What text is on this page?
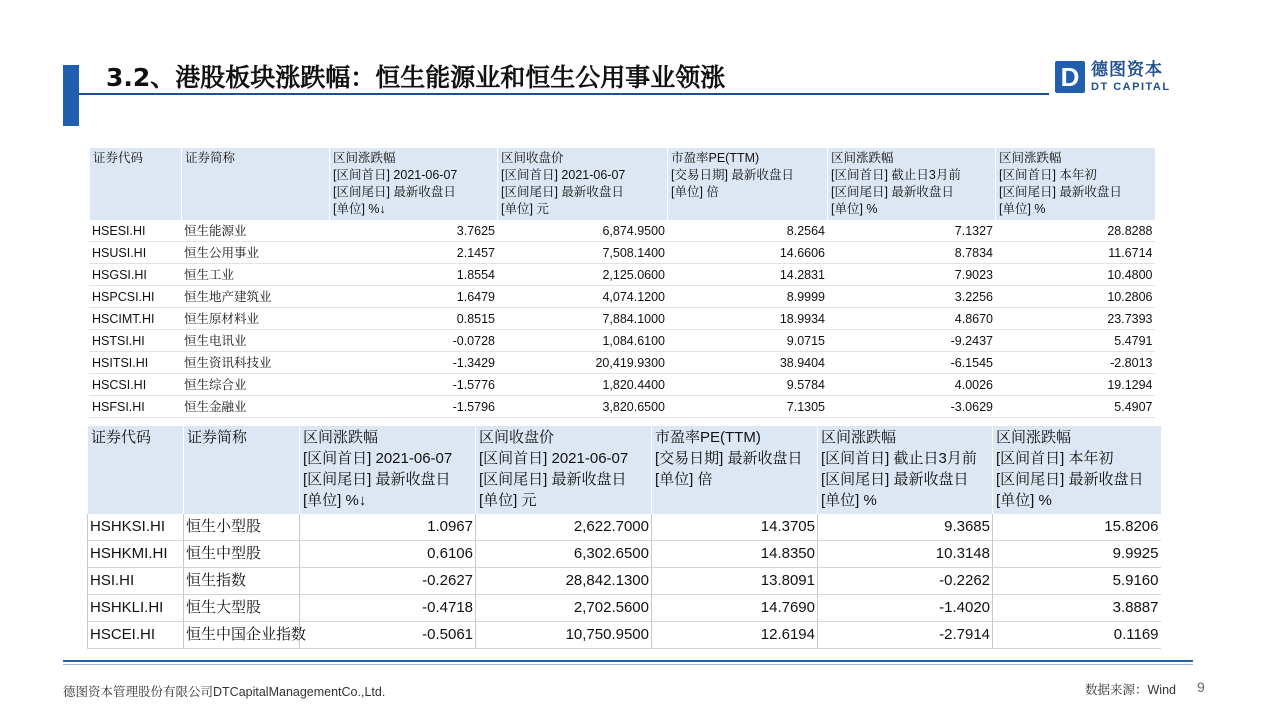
3.2、港股板块涨跌幅：恒生能源业和恒生公用事业领涨	D 德图资本
DT CAPITAL
证券代码	证券简称	区间涨跌幅
[区间首日] 2021-06-07
[区间尾日] 最新收盘日
[单位] %↓	区间收盘价
[区间首日] 2021-06-07
[区间尾日] 最新收盘日
[单位] 元	市盈率PE(TTM)
[交易日期] 最新收盘日
[单位] 倍	区间涨跌幅
[区间首日] 截止日3月前
[区间尾日] 最新收盘日
[单位] %	区间涨跌幅
[区间首日] 本年初
[区间尾日] 最新收盘日
[单位] %

HSESI.HI	恒生能源业	3.7625	6,874.9500	8.2564	7.1327	28.8288
HSUSI.HI	恒生公用事业	2.1457	7,508.1400	14.6606	8.7834	11.6714
HSGSI.HI	恒生工业	1.8554	2,125.0600	14.2831	7.9023	10.4800
HSPCSI.HI	恒生地产建筑业	1.6479	4,074.1200	8.9999	3.2256	10.2806
HSCIMT.HI	恒生原材料业	0.8515	7,884.1000	18.9934	4.8670	23.7393
HSTSI.HI	恒生电讯业	-0.0728	1,084.6100	9.0715	-9.2437	5.4791
HSITSI.HI	恒生资讯科技业	-1.3429	20,419.9300	38.9404	-6.1545	-2.8013
HSCSI.HI	恒生综合业	-1.5776	1,820.4400	9.5784	4.0026	19.1294
HSFSI.HI	恒生金融业	-1.5796	3,820.6500	7.1305	-3.0629	5.4907
证券代码	证券简称	区间涨跌幅
[区间首日] 2021-06-07
[区间尾日] 最新收盘日
[单位] %↓	区间收盘价
[区间首日] 2021-06-07
[区间尾日] 最新收盘日
[单位] 元	市盈率PE(TTM)
[交易日期] 最新收盘日
[单位] 倍	区间涨跌幅
[区间首日] 截止日3月前
[区间尾日] 最新收盘日
[单位] %	区间涨跌幅
[区间首日] 本年初
[区间尾日] 最新收盘日
[单位] %

HSHKSI.HI	恒生小型股	1.0967	2,622.7000	14.3705	9.3685	15.8206
HSHKMI.HI	恒生中型股	0.6106	6,302.6500	14.8350	10.3148	9.9925
HSI.HI	恒生指数	-0.2627	28,842.1300	13.8091	-0.2262	5.9160
HSHKLI.HI	恒生大型股	-0.4718	2,702.5600	14.7690	-1.4020	3.8887
HSCEI.HI	恒生中国企业指数	-0.5061	10,750.9500	12.6194	-2.7914	0.1169
德图资本管理股份有限公司DTCapitalManagementCo.,Ltd.	数据来源：Wind 9
